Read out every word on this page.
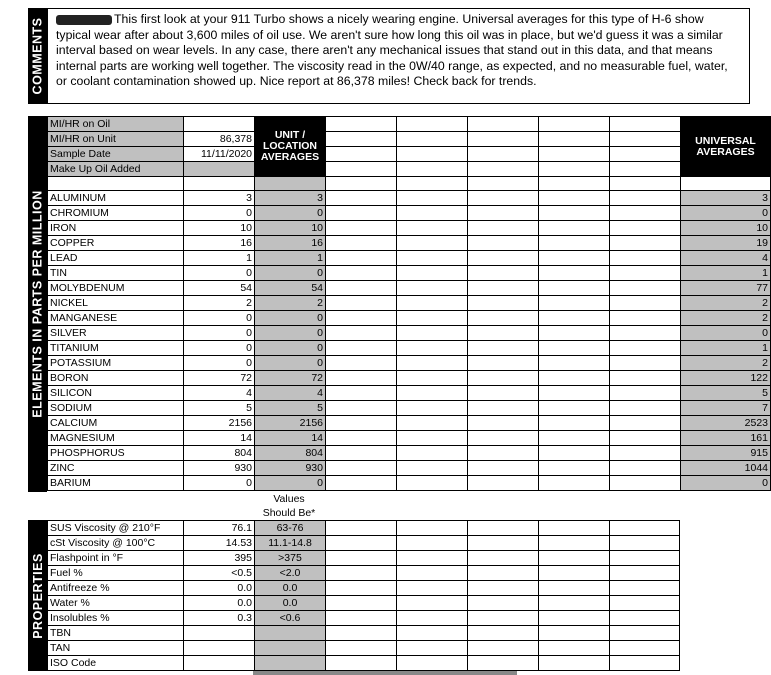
COMMENTS	This first look at your 911 Turbo shows a nicely wearing engine. Universal averages for this type of H-6 show typical wear after about 3,600 miles of oil use. We aren't sure how long this oil was in place, but we'd guess it was a similar interval based on wear levels. In any case, there aren't any mechanical issues that stand out in this data, and that means internal parts are working well together. The viscosity read in the 0W/40 range, as expected, and no measurable fuel, water, or coolant contamination showed up. Nice report at 86,378 miles! Check back for trends.
ELEMENTS IN PARTS PER MILLION
MI/HR on Oil		UNIT / LOCATION AVERAGES						UNIVERSAL AVERAGES
MI/HR on Unit	86,378							
Sample Date	11/11/2020							
Make Up Oil Added								

ALUMINUM	3	3						3
CHROMIUM	0	0						0
IRON	10	10						10
COPPER	16	16						19
LEAD	1	1						4
TIN	0	0						1
MOLYBDENUM	54	54						77
NICKEL	2	2						2
MANGANESE	0	0						2
SILVER	0	0						0
TITANIUM	0	0						1
POTASSIUM	0	0						2
BORON	72	72						122
SILICON	4	4						5
SODIUM	5	5						7
CALCIUM	2156	2156						2523
MAGNESIUM	14	14						161
PHOSPHORUS	804	804						915
ZINC	930	930						1044
BARIUM	0	0						0
Values Should Be*
PROPERTIES
SUS Viscosity @ 210°F	76.1	63-76					
cSt Viscosity @ 100°C	14.53	11.1-14.8					
Flashpoint in °F	395	>375					
Fuel %	<0.5	<2.0					
Antifreeze %	0.0	0.0					
Water %	0.0	0.0					
Insolubles %	0.3	<0.6					
TBN							
TAN							
ISO Code							
